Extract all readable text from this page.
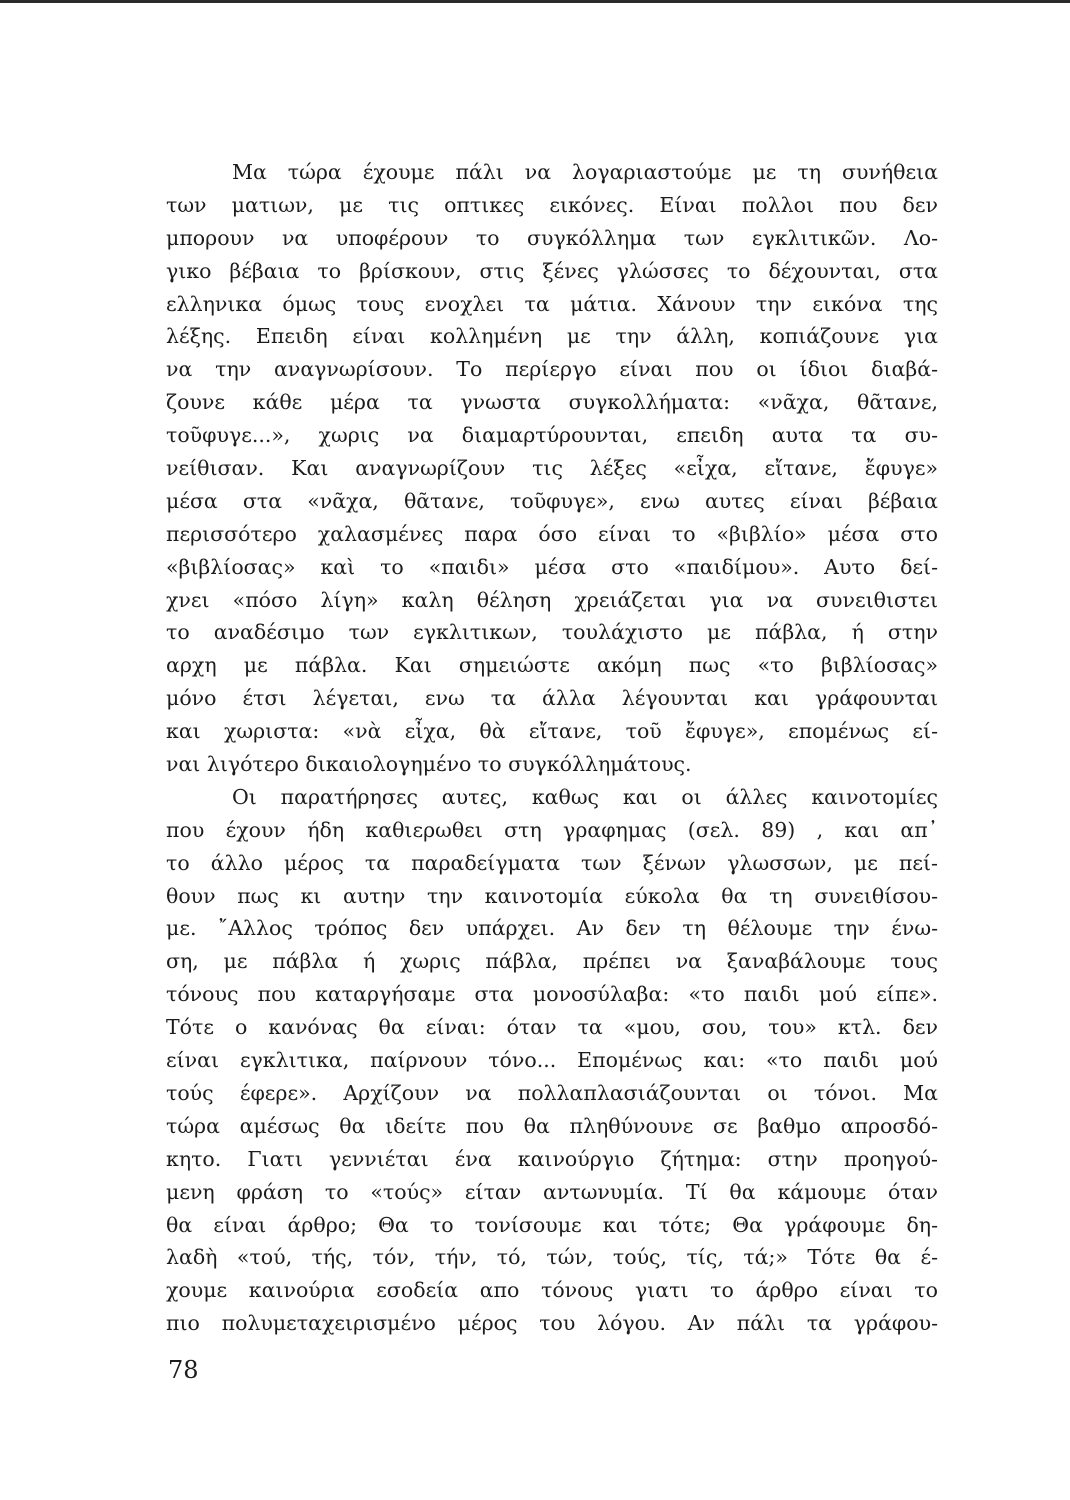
Μα τώρα έχουμε πάλι να λογαριαστούμε με τη συνήθεια
των ματιων, με τις οπτικες εικόνες. Είναι πολλοι που δεν
μπορουν να υποφέρουν το συγκόλλημα των εγκλιτικῶν. Λο-
γικο βέβαια το βρίσκουν, στις ξένες γλώσσες το δέχουνται, στα
ελληνικα όμως τους ενοχλει τα μάτια. Χάνουν την εικόνα της
λέξης. Επειδη είναι κολλημένη με την άλλη, κοπιάζουνε για
να την αναγνωρίσουν. Το περίεργο είναι που οι ίδιοι διαβά-
ζουνε κάθε μέρα τα γνωστα συγκολλήματα: «νᾶχα, θᾶτανε,
τοῦφυγε...», χωρις να διαμαρτύρουνται, επειδη αυτα τα συ-
νείθισαν. Και αναγνωρίζουν τις λέξες «εἶχα, εἴτανε, ἔφυγε»
μέσα στα «νᾶχα, θᾶτανε, τοῦφυγε», ενω αυτες είναι βέβαια
περισσότερο χαλασμένες παρα όσο είναι το «βιβλίο» μέσα στο
«βιβλίοσας» καὶ το «παιδι» μέσα στο «παιδίμου». Αυτο δεί-
χνει «πόσο λίγη» καλη θέληση χρειάζεται για να συνειθιστει
το αναδέσιμο των εγκλιτικων, τουλάχιστο με πάβλα, ή στην
αρχη με πάβλα. Και σημειώστε ακόμη πως «το βιβλίοσας»
μόνο έτσι λέγεται, ενω τα άλλα λέγουνται και γράφουνται
και χωριστα: «νὰ εἶχα, θὰ εἴτανε, τοῦ ἔφυγε», επομένως εί-
ναι λιγότερο δικαιολογημένο το συγκόλλημάτους.
Οι παρατήρησες αυτες, καθως και οι άλλες καινοτομίες
που έχουν ήδη καθιερωθει στη γραφημας (σελ. 89) , και απ᾽
το άλλο μέρος τα παραδείγματα των ξένων γλωσσων, με πεί-
θουν πως κι αυτην την καινοτομία εύκολα θα τη συνειθίσου-
με. ῎Αλλος τρόπος δεν υπάρχει. Αν δεν τη θέλουμε την ένω-
ση, με πάβλα ή χωρις πάβλα, πρέπει να ξαναβάλουμε τους
τόνους που καταργήσαμε στα μονοσύλαβα: «το παιδι μού είπε».
Τότε ο κανόνας θα είναι: όταν τα «μου, σου, του» κτλ. δεν
είναι εγκλιτικα, παίρνουν τόνο... Επομένως και: «το παιδι μού
τούς έφερε». Αρχίζουν να πολλαπλασιάζουνται οι τόνοι. Μα
τώρα αμέσως θα ιδείτε που θα πληθύνουνε σε βαθμο απροσδό-
κητο. Γιατι γεννιέται ένα καινούργιο ζήτημα: στην προηγού-
μενη φράση το «τούς» είταν αντωνυμία. Τί θα κάμουμε όταν
θα είναι άρθρο; Θα το τονίσουμε και τότε; Θα γράφουμε δη-
λαδὴ «τού, τής, τόν, τήν, τό, τών, τούς, τίς, τά;» Τότε θα έ-
χουμε καινούρια εσοδεία απο τόνους γιατι το άρθρο είναι το
πιο πολυμεταχειρισμένο μέρος του λόγου. Αν πάλι τα γράφου-
78
